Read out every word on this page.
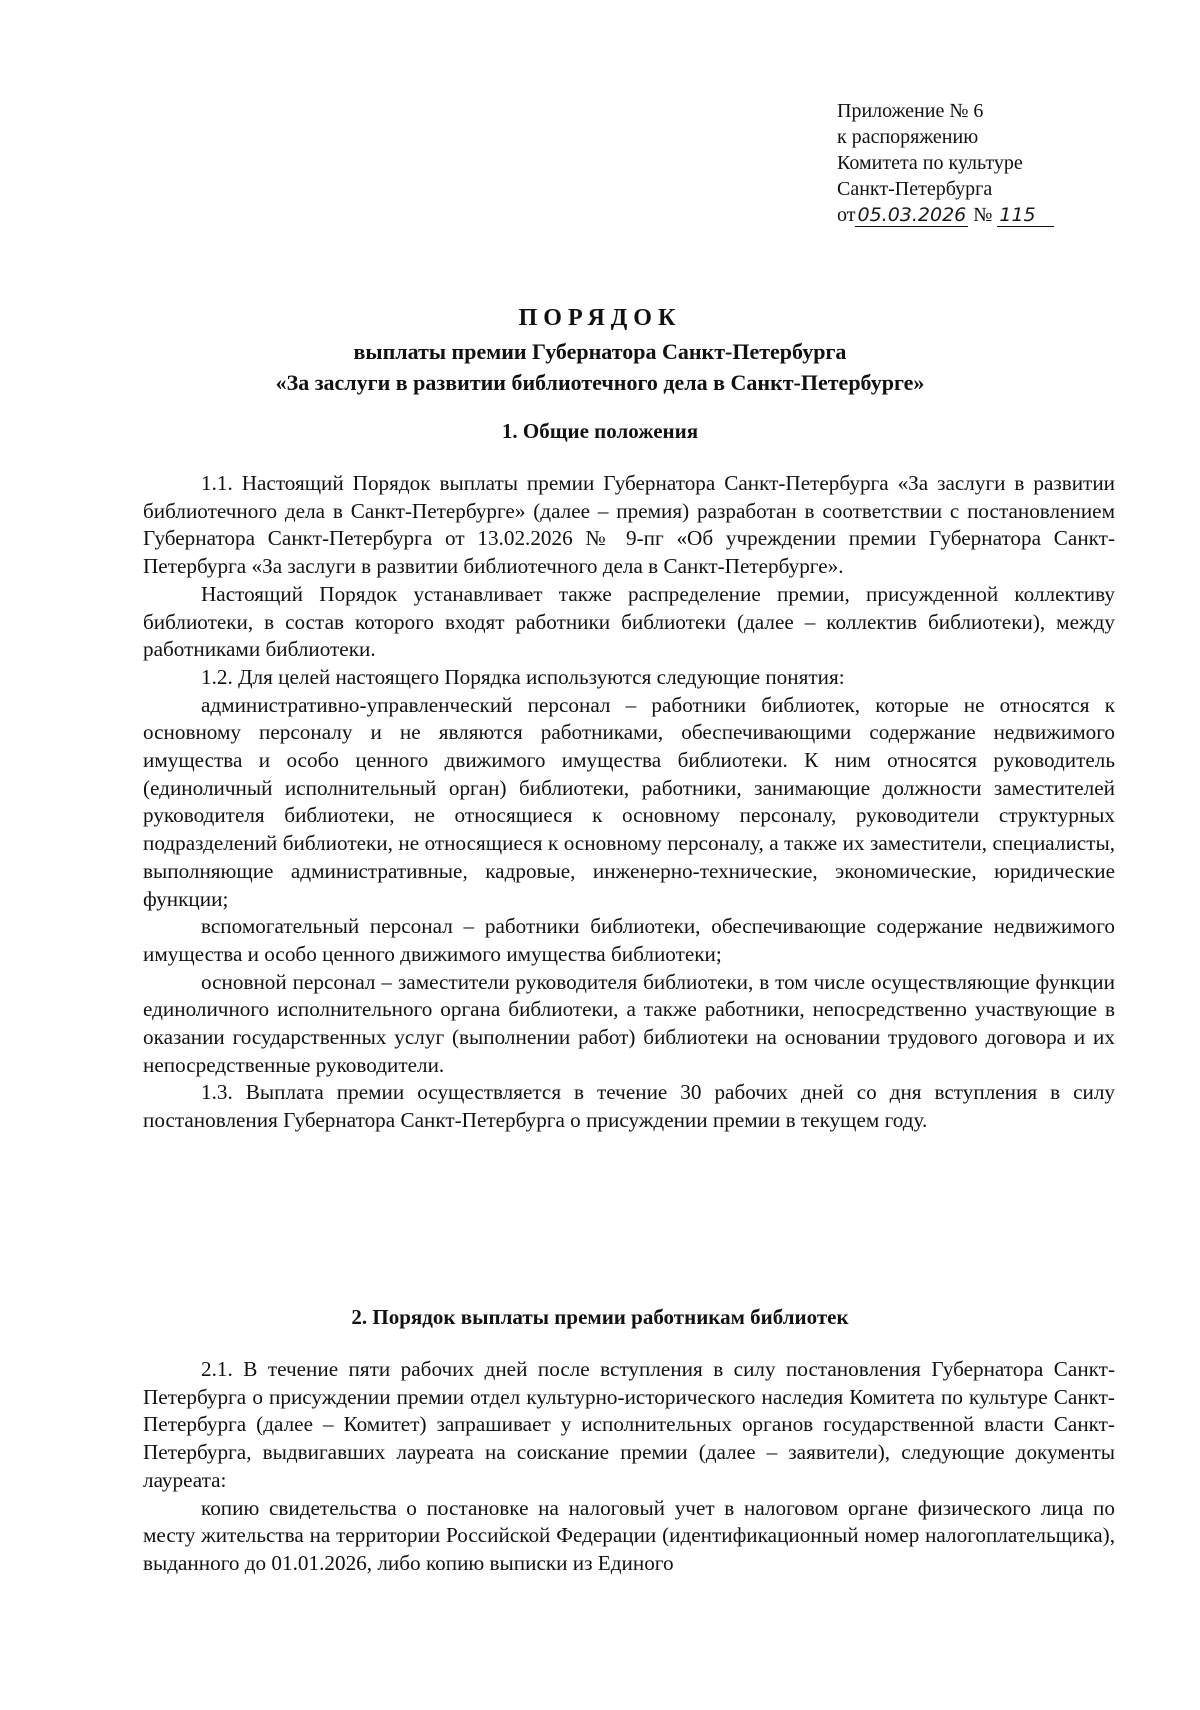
Приложение № 6
к распоряжению
Комитета по культуре
Санкт-Петербурга
от 05.03.2026 № 115
ПОРЯДОК
выплаты премии Губернатора Санкт-Петербурга
«За заслуги в развитии библиотечного дела в Санкт-Петербурге»
1. Общие положения

1.1. Настоящий Порядок выплаты премии Губернатора Санкт-Петербурга «За заслуги в развитии библиотечного дела в Санкт-Петербурге» (далее – премия) разработан в соответствии с постановлением Губернатора Санкт-Петербурга от 13.02.2026 № 9-пг «Об учреждении премии Губернатора Санкт-Петербурга «За заслуги в развитии библиотечного дела в Санкт-Петербурге».

Настоящий Порядок устанавливает также распределение премии, присужденной коллективу библиотеки, в состав которого входят работники библиотеки (далее – коллектив библиотеки), между работниками библиотеки.

1.2. Для целей настоящего Порядка используются следующие понятия:

административно-управленческий персонал – работники библиотек, которые не относятся к основному персоналу и не являются работниками, обеспечивающими содержание недвижимого имущества и особо ценного движимого имущества библиотеки. К ним относятся руководитель (единоличный исполнительный орган) библиотеки, работники, занимающие должности заместителей руководителя библиотеки, не относящиеся к основному персоналу, руководители структурных подразделений библиотеки, не относящиеся к основному персоналу, а также их заместители, специалисты, выполняющие административные, кадровые, инженерно-технические, экономические, юридические функции;

вспомогательный персонал – работники библиотеки, обеспечивающие содержание недвижимого имущества и особо ценного движимого имущества библиотеки;

основной персонал – заместители руководителя библиотеки, в том числе осуществляющие функции единоличного исполнительного органа библиотеки, а также работники, непосредственно участвующие в оказании государственных услуг (выполнении работ) библиотеки на основании трудового договора и их непосредственные руководители.

1.3. Выплата премии осуществляется в течение 30 рабочих дней со дня вступления в силу постановления Губернатора Санкт-Петербурга о присуждении премии в текущем году.

2. Порядок выплаты премии работникам библиотек

2.1. В течение пяти рабочих дней после вступления в силу постановления Губернатора Санкт-Петербурга о присуждении премии отдел культурно-исторического наследия Комитета по культуре Санкт-Петербурга (далее – Комитет) запрашивает у исполнительных органов государственной власти Санкт-Петербурга, выдвигавших лауреата на соискание премии (далее – заявители), следующие документы лауреата:

копию свидетельства о постановке на налоговый учет в налоговом органе физического лица по месту жительства на территории Российской Федерации (идентификационный номер налогоплательщика), выданного до 01.01.2026, либо копию выписки из Единого
